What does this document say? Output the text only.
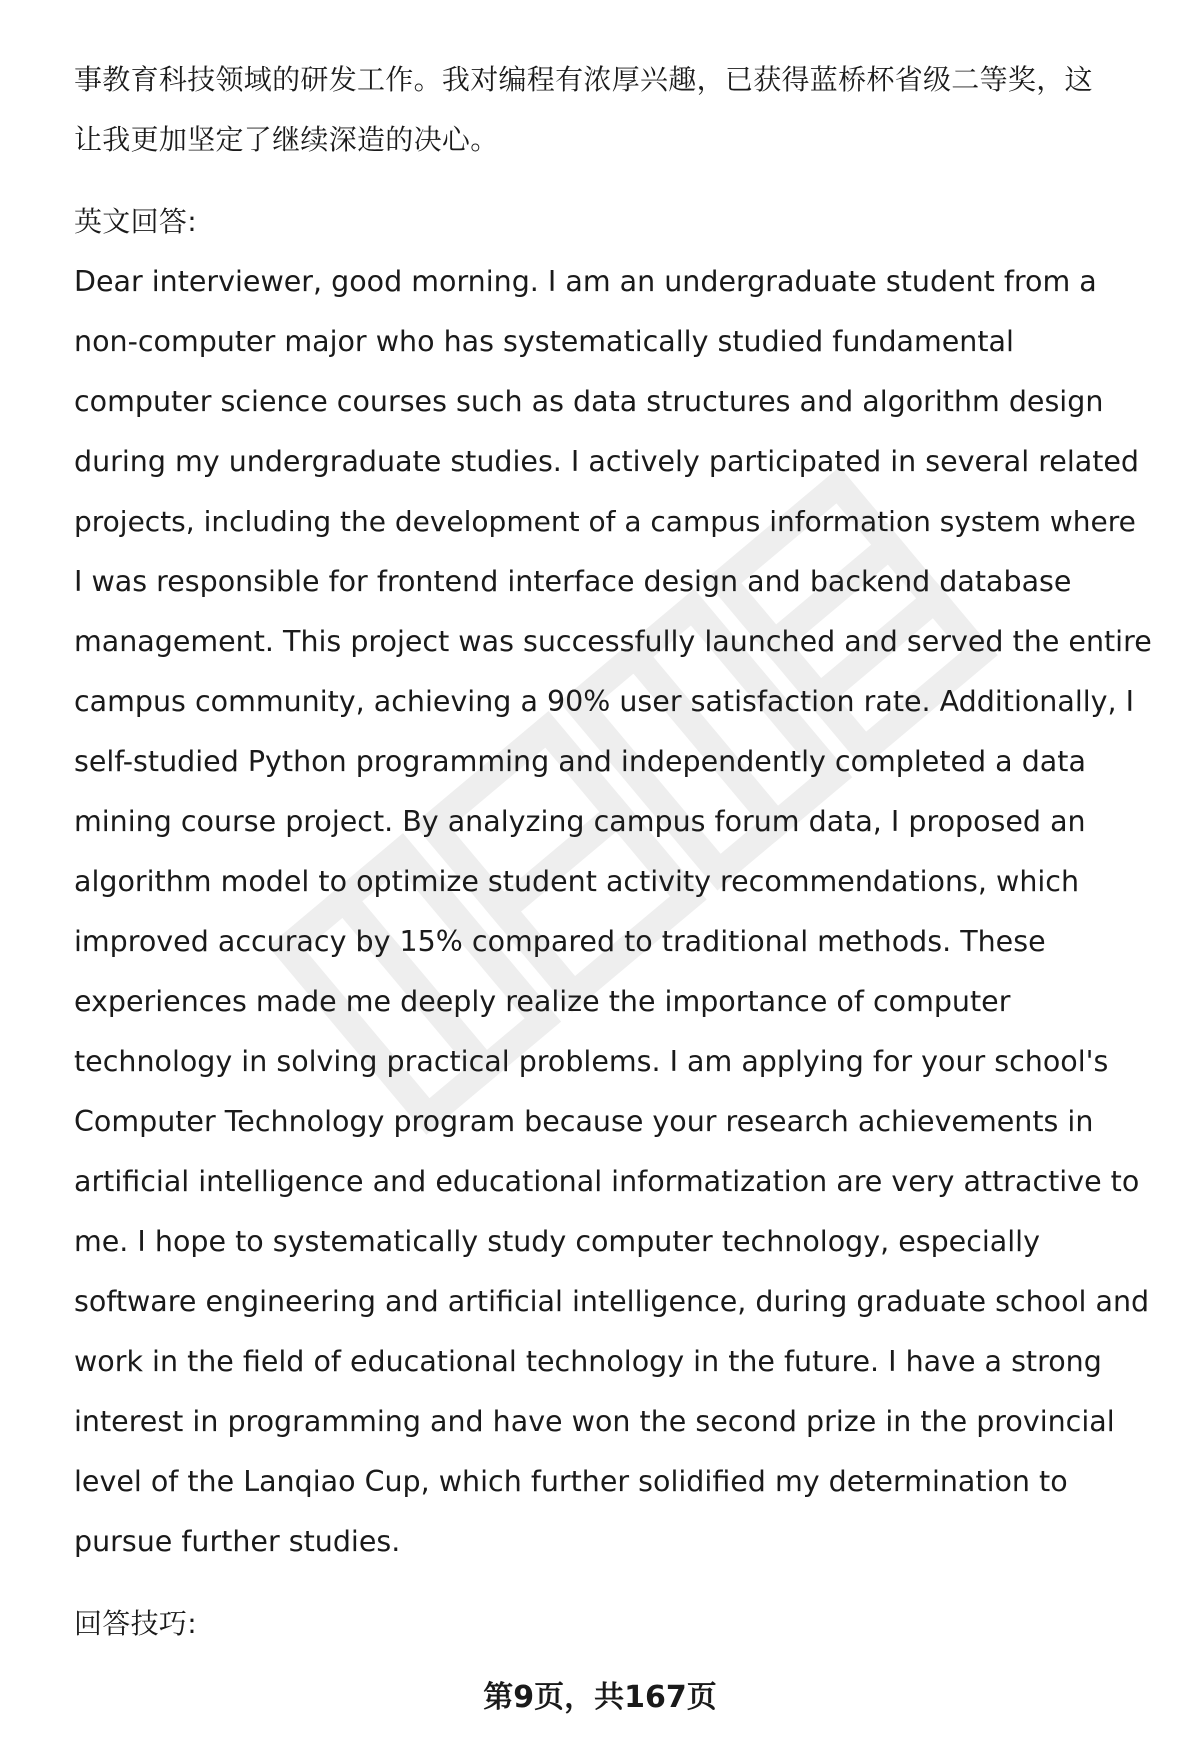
事教育科技领域的研发工作。我对编程有浓厚兴趣，已获得蓝桥杯省级二等奖，这
让我更加坚定了继续深造的决心。
英文回答:
Dear interviewer, good morning. I am an undergraduate student from a
non-computer major who has systematically studied fundamental
computer science courses such as data structures and algorithm design
during my undergraduate studies. I actively participated in several related
projects, including the development of a campus information system where
I was responsible for frontend interface design and backend database
management. This project was successfully launched and served the entire
campus community, achieving a 90% user satisfaction rate. Additionally, I
self-studied Python programming and independently completed a data
mining course project. By analyzing campus forum data, I proposed an
algorithm model to optimize student activity recommendations, which
improved accuracy by 15% compared to traditional methods. These
experiences made me deeply realize the importance of computer
technology in solving practical problems. I am applying for your school's
Computer Technology program because your research achievements in
artificial intelligence and educational informatization are very attractive to
me. I hope to systematically study computer technology, especially
software engineering and artificial intelligence, during graduate school and
work in the field of educational technology in the future. I have a strong
interest in programming and have won the second prize in the provincial
level of the Lanqiao Cup, which further solidified my determination to
pursue further studies.
回答技巧:
第9页，共167页
